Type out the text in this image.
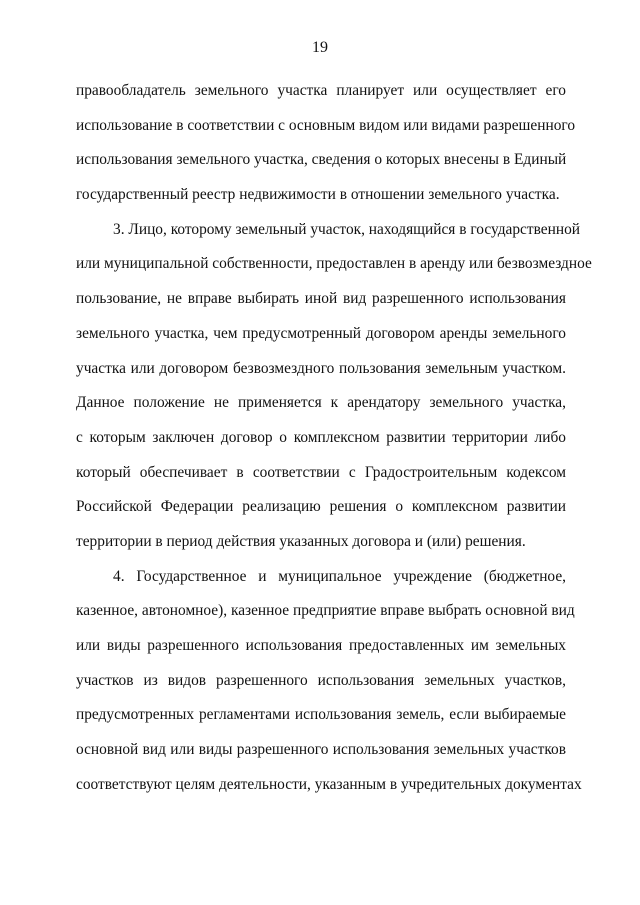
19
правообладатель земельного участка планирует или осуществляет его
использование в соответствии с основным видом или видами разрешенного
использования земельного участка, сведения о которых внесены в Единый
государственный реестр недвижимости в отношении земельного участка.
3. Лицо, которому земельный участок, находящийся в государственной
или муниципальной собственности, предоставлен в аренду или безвозмездное
пользование, не вправе выбирать иной вид разрешенного использования
земельного участка, чем предусмотренный договором аренды земельного
участка или договором безвозмездного пользования земельным участком.
Данное положение не применяется к арендатору земельного участка,
с которым заключен договор о комплексном развитии территории либо
который обеспечивает в соответствии с Градостроительным кодексом
Российской Федерации реализацию решения о комплексном развитии
территории в период действия указанных договора и (или) решения.
4. Государственное и муниципальное учреждение (бюджетное,
казенное, автономное), казенное предприятие вправе выбрать основной вид
или виды разрешенного использования предоставленных им земельных
участков из видов разрешенного использования земельных участков,
предусмотренных регламентами использования земель, если выбираемые
основной вид или виды разрешенного использования земельных участков
соответствуют целям деятельности, указанным в учредительных документах
